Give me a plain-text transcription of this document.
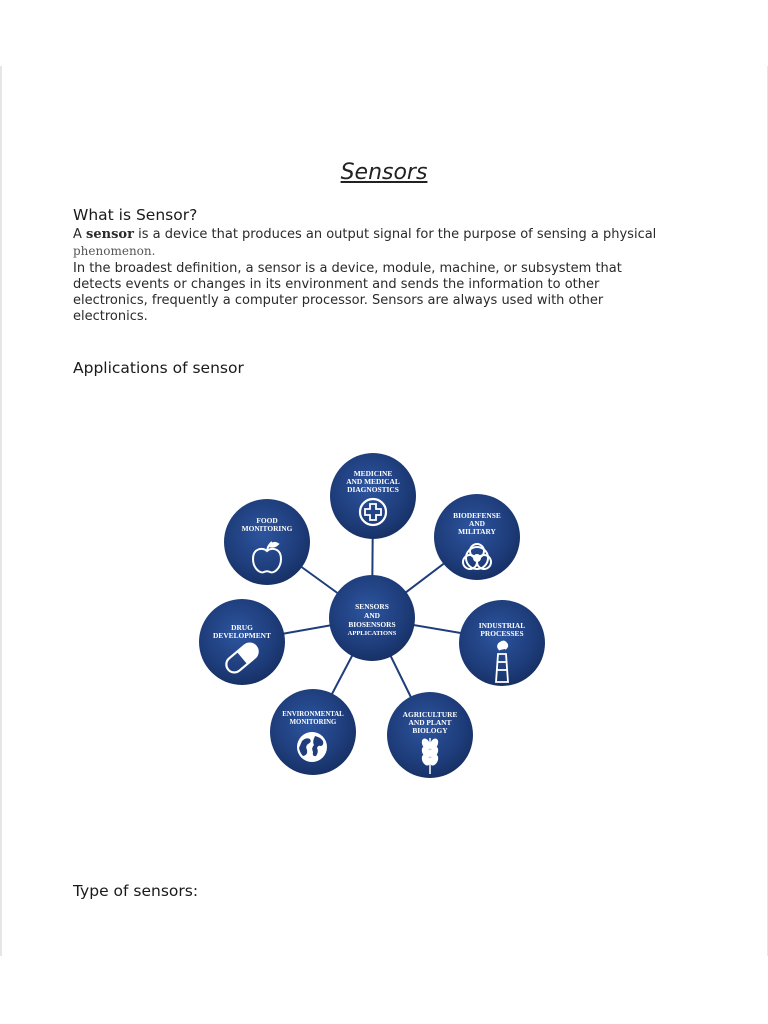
Sensors
What is Sensor?
A sensor is a device that produces an output signal for the purpose of sensing a physical
phenomenon.
In the broadest definition, a sensor is a device, module, machine, or subsystem that detects events or changes in its environment and sends the information to other electronics, frequently a computer processor. Sensors are always used with other electronics.
Applications of sensor
SENSORS
AND
BIOSENSORS
APPLICATIONS
MEDICINE
AND MEDICAL
DIAGNOSTICS
BIODEFENSE
AND
MILITARY
INDUSTRIAL
PROCESSES
AGRICULTURE
AND PLANT
BIOLOGY
ENVIRONMENTAL
MONITORING
DRUG
DEVELOPMENT
FOOD
MONITORING
Type of sensors:
